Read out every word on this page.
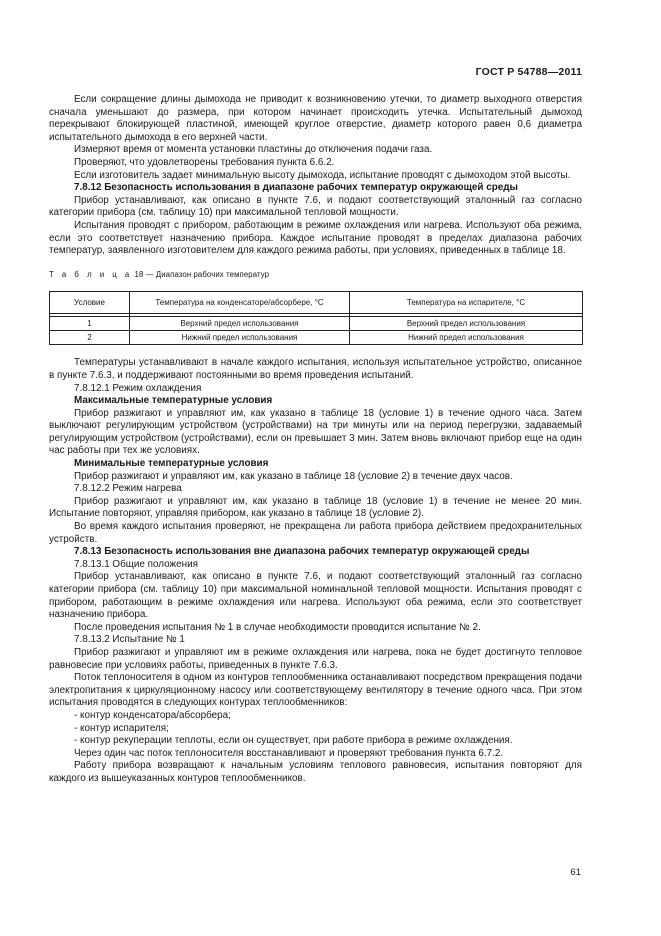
ГОСТ Р 54788—2011

Если сокращение длины дымохода не приводит к возникновению утечки, то диаметр выходного отверстия сначала уменьшают до размера, при котором начинает происходить утечка. Испытательный дымоход перекрывают блокирующей пластиной, имеющей круглое отверстие, диаметр которого равен 0,6 диаметра испытательного дымохода в его верхней части.

Измеряют время от момента установки пластины до отключения подачи газа.

Проверяют, что удовлетворены требования пункта 6.6.2.

Если изготовитель задает минимальную высоту дымохода, испытание проводят с дымоходом этой высоты.

7.8.12 Безопасность использования в диапазоне рабочих температур окружающей среды

Прибор устанавливают, как описано в пункте 7.6, и подают соответствующий эталонный газ согласно категории прибора (см. таблицу 10) при максимальной тепловой мощности.

Испытания проводят с прибором, работающим в режиме охлаждения или нагрева. Используют оба режима, если это соответствует назначению прибора. Каждое испытание проводят в пределах диапазона рабочих температур, заявленного изготовителем для каждого режима работы, при условиях, приведенных в таблице 18.

Т а б л и ц а 18 — Диапазон рабочих температур

Условие	Температура на конденсаторе/абсорбере, °С	Температура на испарителе, °С

1	Верхний предел использования	Верхний предел использования
2	Нижний предел использования	Нижний предел использования

Температуры устанавливают в начале каждого испытания, используя испытательное устройство, описанное в пункте 7.6.3, и поддерживают постоянными во время проведения испытаний.

7.8.12.1 Режим охлаждения

Максимальные температурные условия

Прибор разжигают и управляют им, как указано в таблице 18 (условие 1) в течение одного часа. Затем выключают регулирующим устройством (устройствами) на три минуты или на период перегрузки, задаваемый регулирующим устройством (устройствами), если он превышает 3 мин. Затем вновь включают прибор еще на один час работы при тех же условиях.

Минимальные температурные условия

Прибор разжигают и управляют им, как указано в таблице 18 (условие 2) в течение двух часов.

7.8.12.2 Режим нагрева

Прибор разжигают и управляют им, как указано в таблице 18 (условие 1) в течение не менее 20 мин. Испытание повторяют, управляя прибором, как указано в таблице 18 (условие 2).

Во время каждого испытания проверяют, не прекращена ли работа прибора действием предохранительных устройств.

7.8.13 Безопасность использования вне диапазона рабочих температур окружающей среды

7.8.13.1 Общие положения

Прибор устанавливают, как описано в пункте 7.6, и подают соответствующий эталонный газ согласно категории прибора (см. таблицу 10) при максимальной номинальной тепловой мощности. Испытания проводят с прибором, работающим в режиме охлаждения или нагрева. Используют оба режима, если это соответствует назначению прибора.

После проведения испытания № 1 в случае необходимости проводится испытание № 2.

7.8.13.2 Испытание № 1

Прибор разжигают и управляют им в режиме охлаждения или нагрева, пока не будет достигнуто тепловое равновесие при условиях работы, приведенных в пункте 7.6.3.

Поток теплоносителя в одном из контуров теплообменника останавливают посредством прекращения подачи электропитания к циркуляционному насосу или соответствующему вентилятору в течение одного часа. При этом испытания проводятся в следующих контурах теплообменников:

- контур конденсатора/абсорбера;

- контур испарителя;

- контур рекуперации теплоты, если он существует, при работе прибора в режиме охлаждения.

Через один час поток теплоносителя восстанавливают и проверяют требования пункта 6.7.2.

Работу прибора возвращают к начальным условиям теплового равновесия, испытания повторяют для каждого из вышеуказанных контуров теплообменников.

61
